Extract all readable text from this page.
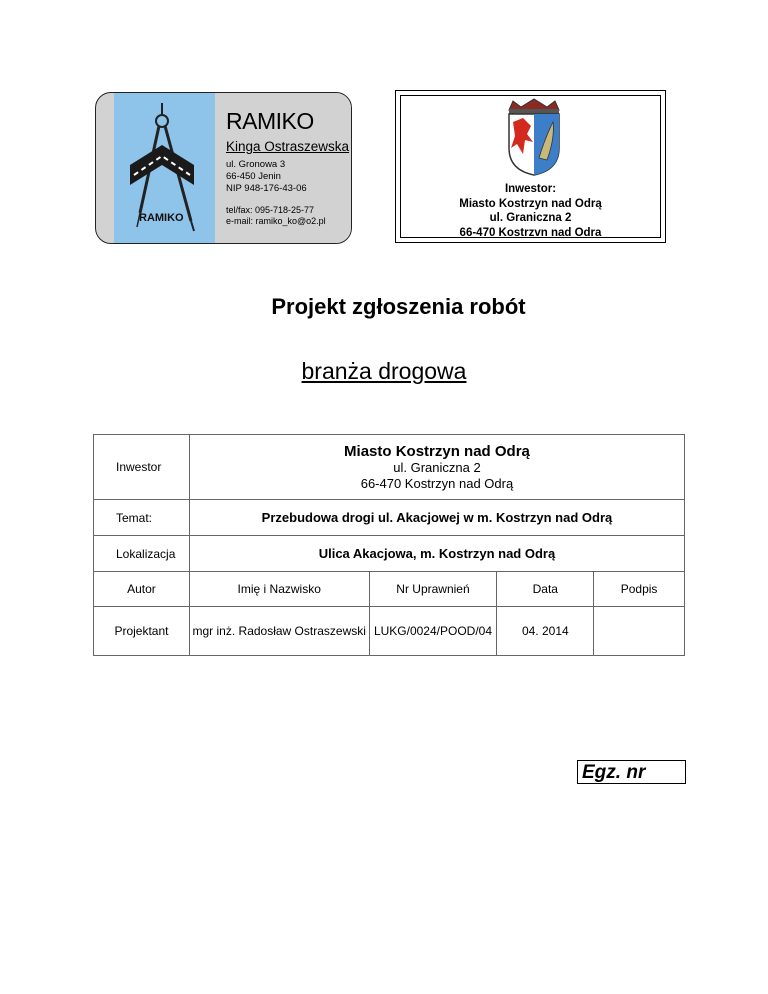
RAMIKO
RAMIKO
Kinga Ostraszewska
ul. Gronowa 3
66-450 Jenin
NIP 948-176-43-06
tel/fax: 095-718-25-77
e-mail: ramiko_ko@o2.pl
Inwestor:
Miasto Kostrzyn nad Odrą
ul. Graniczna 2
66-470 Kostrzvn nad Odra
Projekt zgłoszenia robót
branża drogowa
Inwestor	Miasto Kostrzyn nad Odrą
ul. Graniczna 2
66-470 Kostrzyn nad Odrą			

Temat:	Przebudowa drogi ul. Akacjowej w m. Kostrzyn nad Odrą			
Lokalizacja	Ulica Akacjowa, m. Kostrzyn nad Odrą			
Autor	Imię i Nazwisko	Nr Uprawnień	Data	Podpis
Projektant	mgr inż. Radosław Ostraszewski	LUKG/0024/POOD/04	04. 2014	
Egz. nr
